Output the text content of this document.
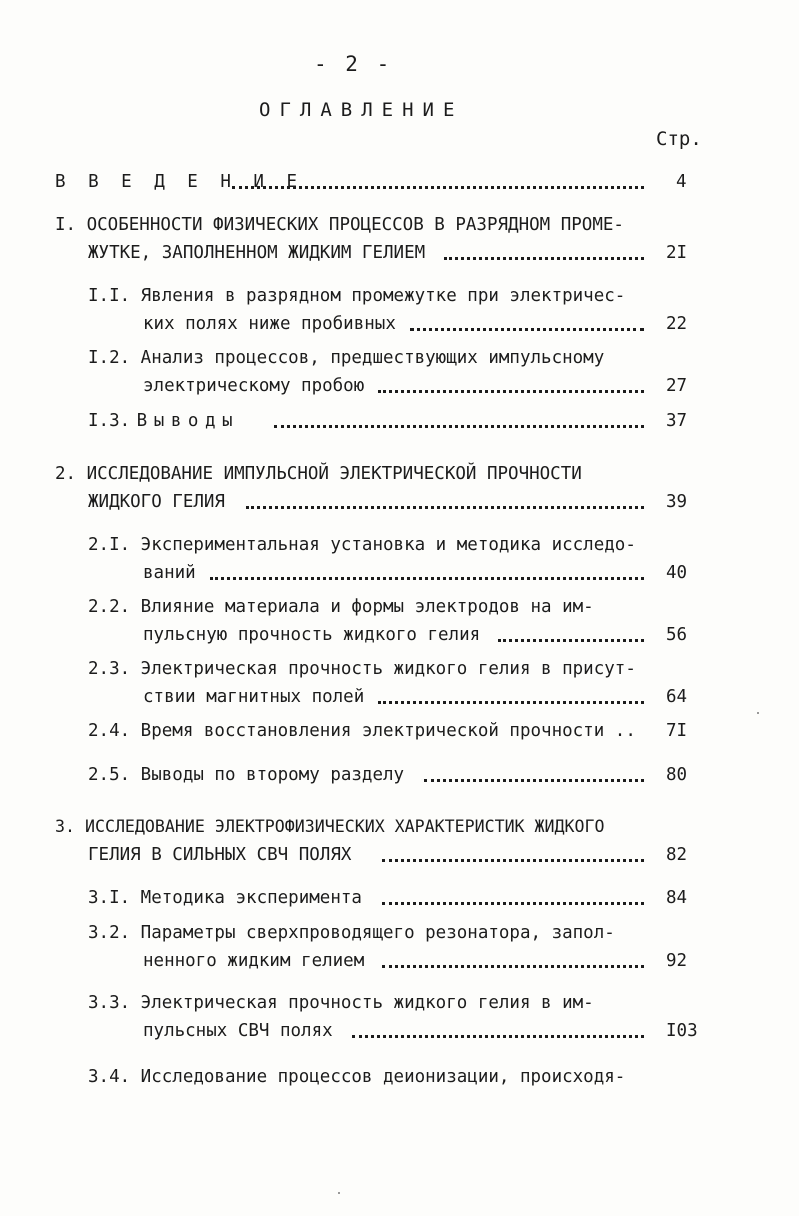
- 2 -
ОГЛАВЛЕНИЕ
Стр.
В В Е Д Е Н И Е	4
I. ОСОБЕННОСТИ ФИЗИЧЕСКИХ ПРОЦЕССОВ В РАЗРЯДНОМ ПРОМЕ-
ЖУТКЕ, ЗАПОЛНЕННОМ ЖИДКИМ ГЕЛИЕМ	2I
I.I. Явления в разрядном промежутке при электричес-
ких полях ниже пробивных	22
I.2. Анализ процессов, предшествующих импульсному
электрическому пробою	27
I.3. В ы в о д ы	37
2. ИССЛЕДОВАНИЕ ИМПУЛЬСНОЙ ЭЛЕКТРИЧЕСКОЙ ПРОЧНОСТИ
ЖИДКОГО ГЕЛИЯ	39
2.I. Экспериментальная установка и методика исследо-
ваний	40
2.2. Влияние материала и формы электродов на им-
пульсную прочность жидкого гелия	56
2.3. Электрическая прочность жидкого гелия в присут-
ствии магнитных полей	64
2.4. Время восстановления электрической прочности .. 7I
2.5. Выводы по второму разделу	80
3. ИССЛЕДОВАНИЕ ЭЛЕКТРОФИЗИЧЕСКИХ ХАРАКТЕРИСТИК ЖИДКОГО
ГЕЛИЯ В СИЛЬНЫХ СВЧ ПОЛЯХ	82
3.I. Методика эксперимента	84
3.2. Параметры сверхпроводящего резонатора, запол-
ненного жидким гелием	92
3.3. Электрическая прочность жидкого гелия в им-
пульсных СВЧ полях	I03
3.4. Исследование процессов деионизации, происходя-
